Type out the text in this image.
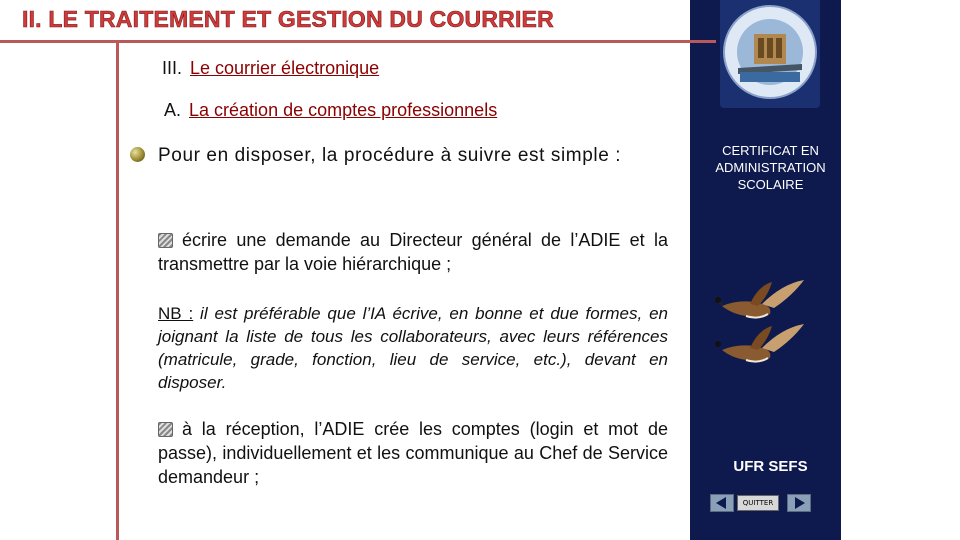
II. LE TRAITEMENT ET GESTION DU COURRIER
III. Le courrier électronique
A. La création de comptes professionnels
Pour en disposer, la procédure à suivre est simple :
écrire une demande au Directeur général de l’ADIE et la transmettre par la voie hiérarchique ;
NB : il est préférable que l’IA écrive, en bonne et due formes, en joignant la liste de tous les collaborateurs, avec leurs références (matricule, grade, fonction, lieu de service, etc.), devant en disposer.
à la réception, l’ADIE crée les comptes (login et mot de passe), individuellement et les communique au Chef de Service demandeur ;
CERTIFICAT EN ADMINISTRATION SCOLAIRE
UFR SEFS
QUITTER
